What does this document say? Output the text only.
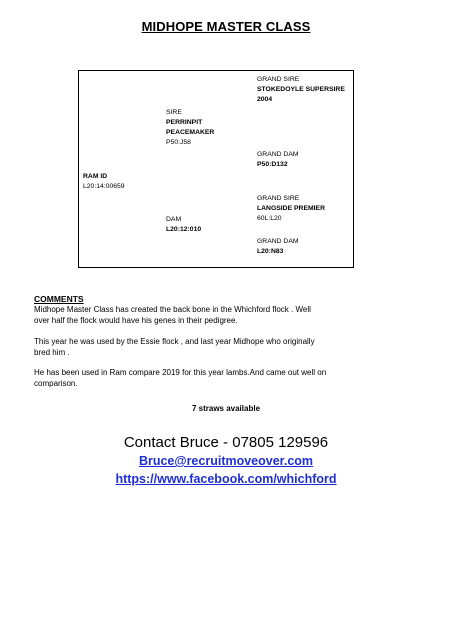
MIDHOPE MASTER CLASS
GRAND SIRE
STOKEDOYLE SUPERSIRE
2004
SIRE
PERRINPIT
PEACEMAKER
P50:J58
GRAND DAM
P50:D132
RAM ID
L20:14:00659
GRAND SIRE
LANGSIDE PREMIER
60L:L20
DAM
L20:12:010
GRAND DAM
L20:N83
COMMENTS
Midhope Master Class has created the back bone in the Whichford flock . Well
over half the flock would have his genes in their pedigree.
This year he was used by the Essie flock , and last year Midhope who originally
bred him .
He has been used in Ram compare 2019 for this year lambs.And came out well on
comparison.
7 straws available
Contact Bruce - 07805 129596
Bruce@recruitmoveover.com
https://www.facebook.com/whichford
